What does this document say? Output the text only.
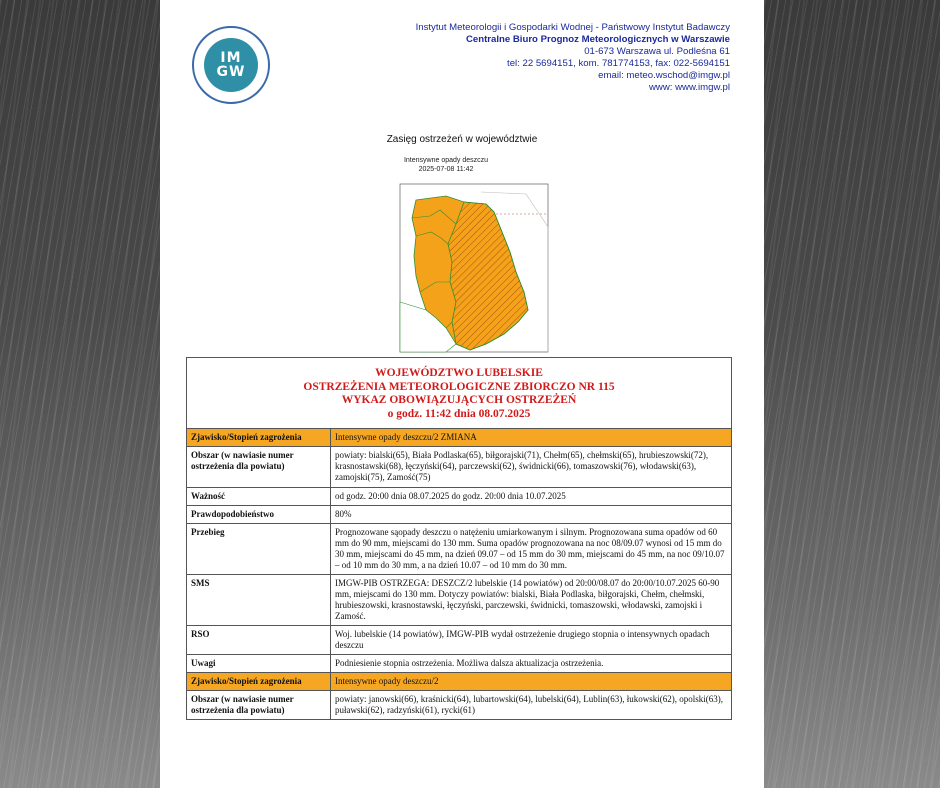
IM
GW
Instytut Meteorologii i Gospodarki Wodnej - Państwowy Instytut Badawczy
Centralne Biuro Prognoz Meteorologicznych w Warszawie
01-673 Warszawa ul. Podleśna 61
tel: 22 5694151, kom. 781774153, fax: 022-5694151
email: meteo.wschod@imgw.pl
www: www.imgw.pl
Zasięg ostrzeżeń w województwie
Intensywne opady deszczu
2025-07-08 11:42
WOJEWÓDZTWO LUBELSKIE
OSTRZEŻENIA METEOROLOGICZNE ZBIORCZO NR 115
WYKAZ OBOWIĄZUJĄCYCH OSTRZEŻEŃ
o godz. 11:42 dnia 08.07.2025
Zjawisko/Stopień zagrożenia	Intensywne opady deszczu/2 ZMIANA
Obszar (w nawiasie numer ostrzeżenia dla powiatu)	powiaty: bialski(65), Biała Podlaska(65), biłgorajski(71), Chełm(65), chełmski(65), hrubieszowski(72), krasnostawski(68), łęczyński(64), parczewski(62), świdnicki(66), tomaszowski(76), włodawski(63), zamojski(75), Zamość(75)
Ważność	od godz. 20:00 dnia 08.07.2025 do godz. 20:00 dnia 10.07.2025
Prawdopodobieństwo	80%
Przebieg	Prognozowane sąopady deszczu o natężeniu umiarkowanym i silnym. Prognozowana suma opadów od 60 mm do 90 mm, miejscami do 130 mm. Suma opadów prognozowana na noc 08/09.07 wynosi od 15 mm do 30 mm, miejscami do 45 mm, na dzień 09.07 – od 15 mm do 30 mm, miejscami do 45 mm, na noc 09/10.07 – od 10 mm do 30 mm, a na dzień 10.07 – od 10 mm do 30 mm.
SMS	IMGW-PIB OSTRZEGA: DESZCZ/2 lubelskie (14 powiatów) od 20:00/08.07 do 20:00/10.07.2025 60-90 mm, miejscami do 130 mm. Dotyczy powiatów: bialski, Biała Podlaska, biłgorajski, Chełm, chełmski, hrubieszowski, krasnostawski, łęczyński, parczewski, świdnicki, tomaszowski, włodawski, zamojski i Zamość.
RSO	Woj. lubelskie (14 powiatów), IMGW-PIB wydał ostrzeżenie drugiego stopnia o intensywnych opadach deszczu
Uwagi	Podniesienie stopnia ostrzeżenia. Możliwa dalsza aktualizacja ostrzeżenia.
Zjawisko/Stopień zagrożenia	Intensywne opady deszczu/2
Obszar (w nawiasie numer ostrzeżenia dla powiatu)	powiaty: janowski(66), kraśnicki(64), lubartowski(64), lubelski(64), Lublin(63), łukowski(62), opolski(63), puławski(62), radzyński(61), rycki(61)
